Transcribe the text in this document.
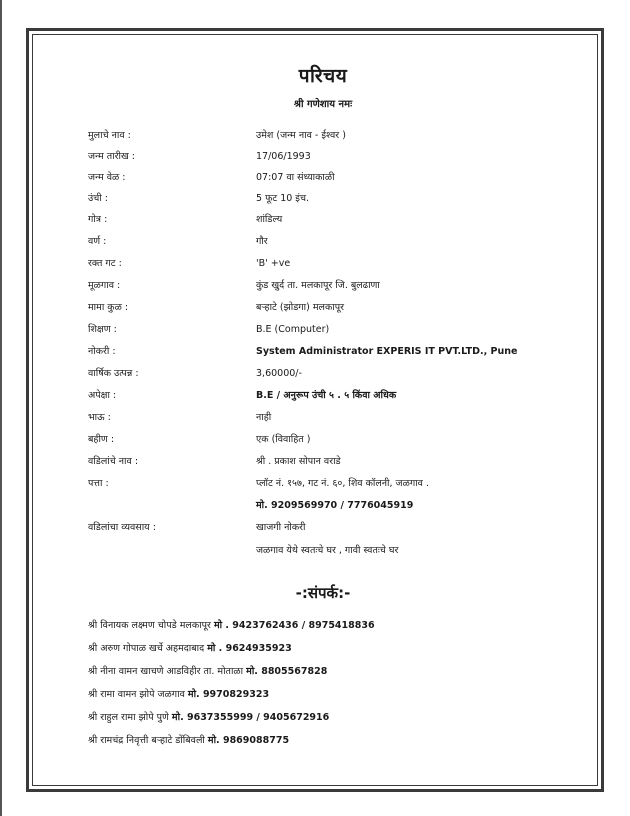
परिचय
श्री गणेशाय नमः
मुलाचे नाव :	उमेश (जन्म नाव - ईश्वर )
जन्म तारीख :	17/06/1993
जन्म वेळ :	07:07 वा संध्याकाळी
उंची :	5 फूट 10 इंच.
गोत्र :	शांडिल्य
वर्ण :	गौर
रक्त गट :	'B' +ve
मूळगाव :	कुंड खुर्द ता. मलकापूर जि. बुलढाणा
मामा कुळ :	बऱ्हाटे (झोडगा) मलकापूर
शिक्षण :	B.E (Computer)
नोकरी :	System Administrator EXPERIS IT PVT.LTD., Pune
वार्षिक उत्पन्न :	3,60000/-
अपेक्षा :	B.E / अनुरूप उंची ५ . ५ किंवा अधिक
भाऊ :	नाही
बहीण :	एक (विवाहित )
वडिलांचे नाव :	श्री . प्रकाश सोपान वराडे
पत्ता :	प्लॉट नं. १५७, गट नं. ६०, शिव कॉलनी, जळगाव .
मो. 9209569970 / 7776045919
वडिलांचा व्यवसाय :	खाजगी नोकरी
जळगाव येथे स्वतःचे घर , गावी स्वतःचे घर
-:संपर्क:-
श्री विनायक लक्ष्मण चोपडे मलकापूर मो . 9423762436 / 8975418836
श्री अरुण गोपाळ खर्चे अहमदाबाद मो . 9624935923
श्री नीना वामन खाचणे आडविहीर ता. मोताळा मो. 8805567828
श्री रामा वामन झोपे जळगाव मो. 9970829323
श्री राहुल रामा झोपे पुणे मो. 9637355999 / 9405672916
श्री रामचंद्र निवृत्ती बऱ्हाटे डोंबिवली मो. 9869088775
